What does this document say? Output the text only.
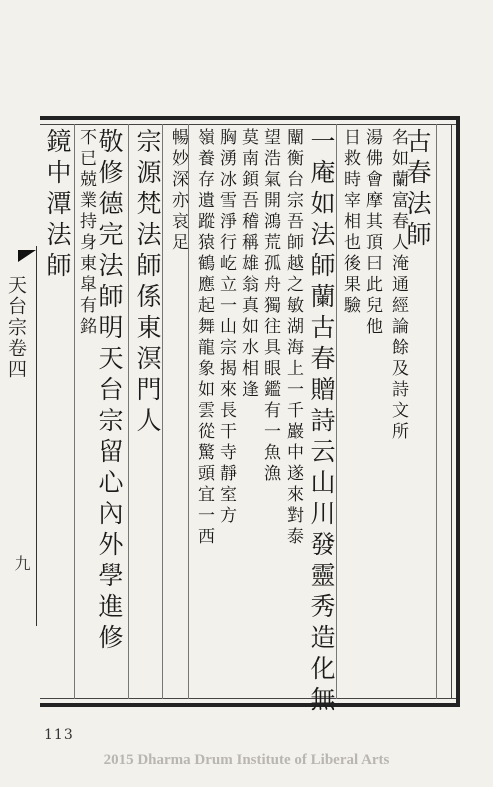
天台宗卷四
九
古春法師
名如蘭富春人淹通經論餘及詩文所
湯佛會摩其頂曰此兒他
日救時宰相也後果驗
一庵如法師蘭古春贈詩云山川發靈秀造化無
闡衡台宗吾師越之敏湖海上一千巖中遂來對泰
望浩氣開鴻荒孤舟獨往具眼鑑有一魚漁
莫南顉吾稽稱雄翁真如水相逢
胸湧冰雪淨行屹立一山宗揭來長干寺靜室方
嶺養存遺蹤猿鶴應起舞龍象如雲從驚頭宜一西
暢妙深亦哀足
宗源梵法師係東溟門人
敬修德完法師明天台宗留心內外學進修
不已兢業持身東皐有銘
鏡中潭法師
113
2015 Dharma Drum Institute of Liberal Arts
